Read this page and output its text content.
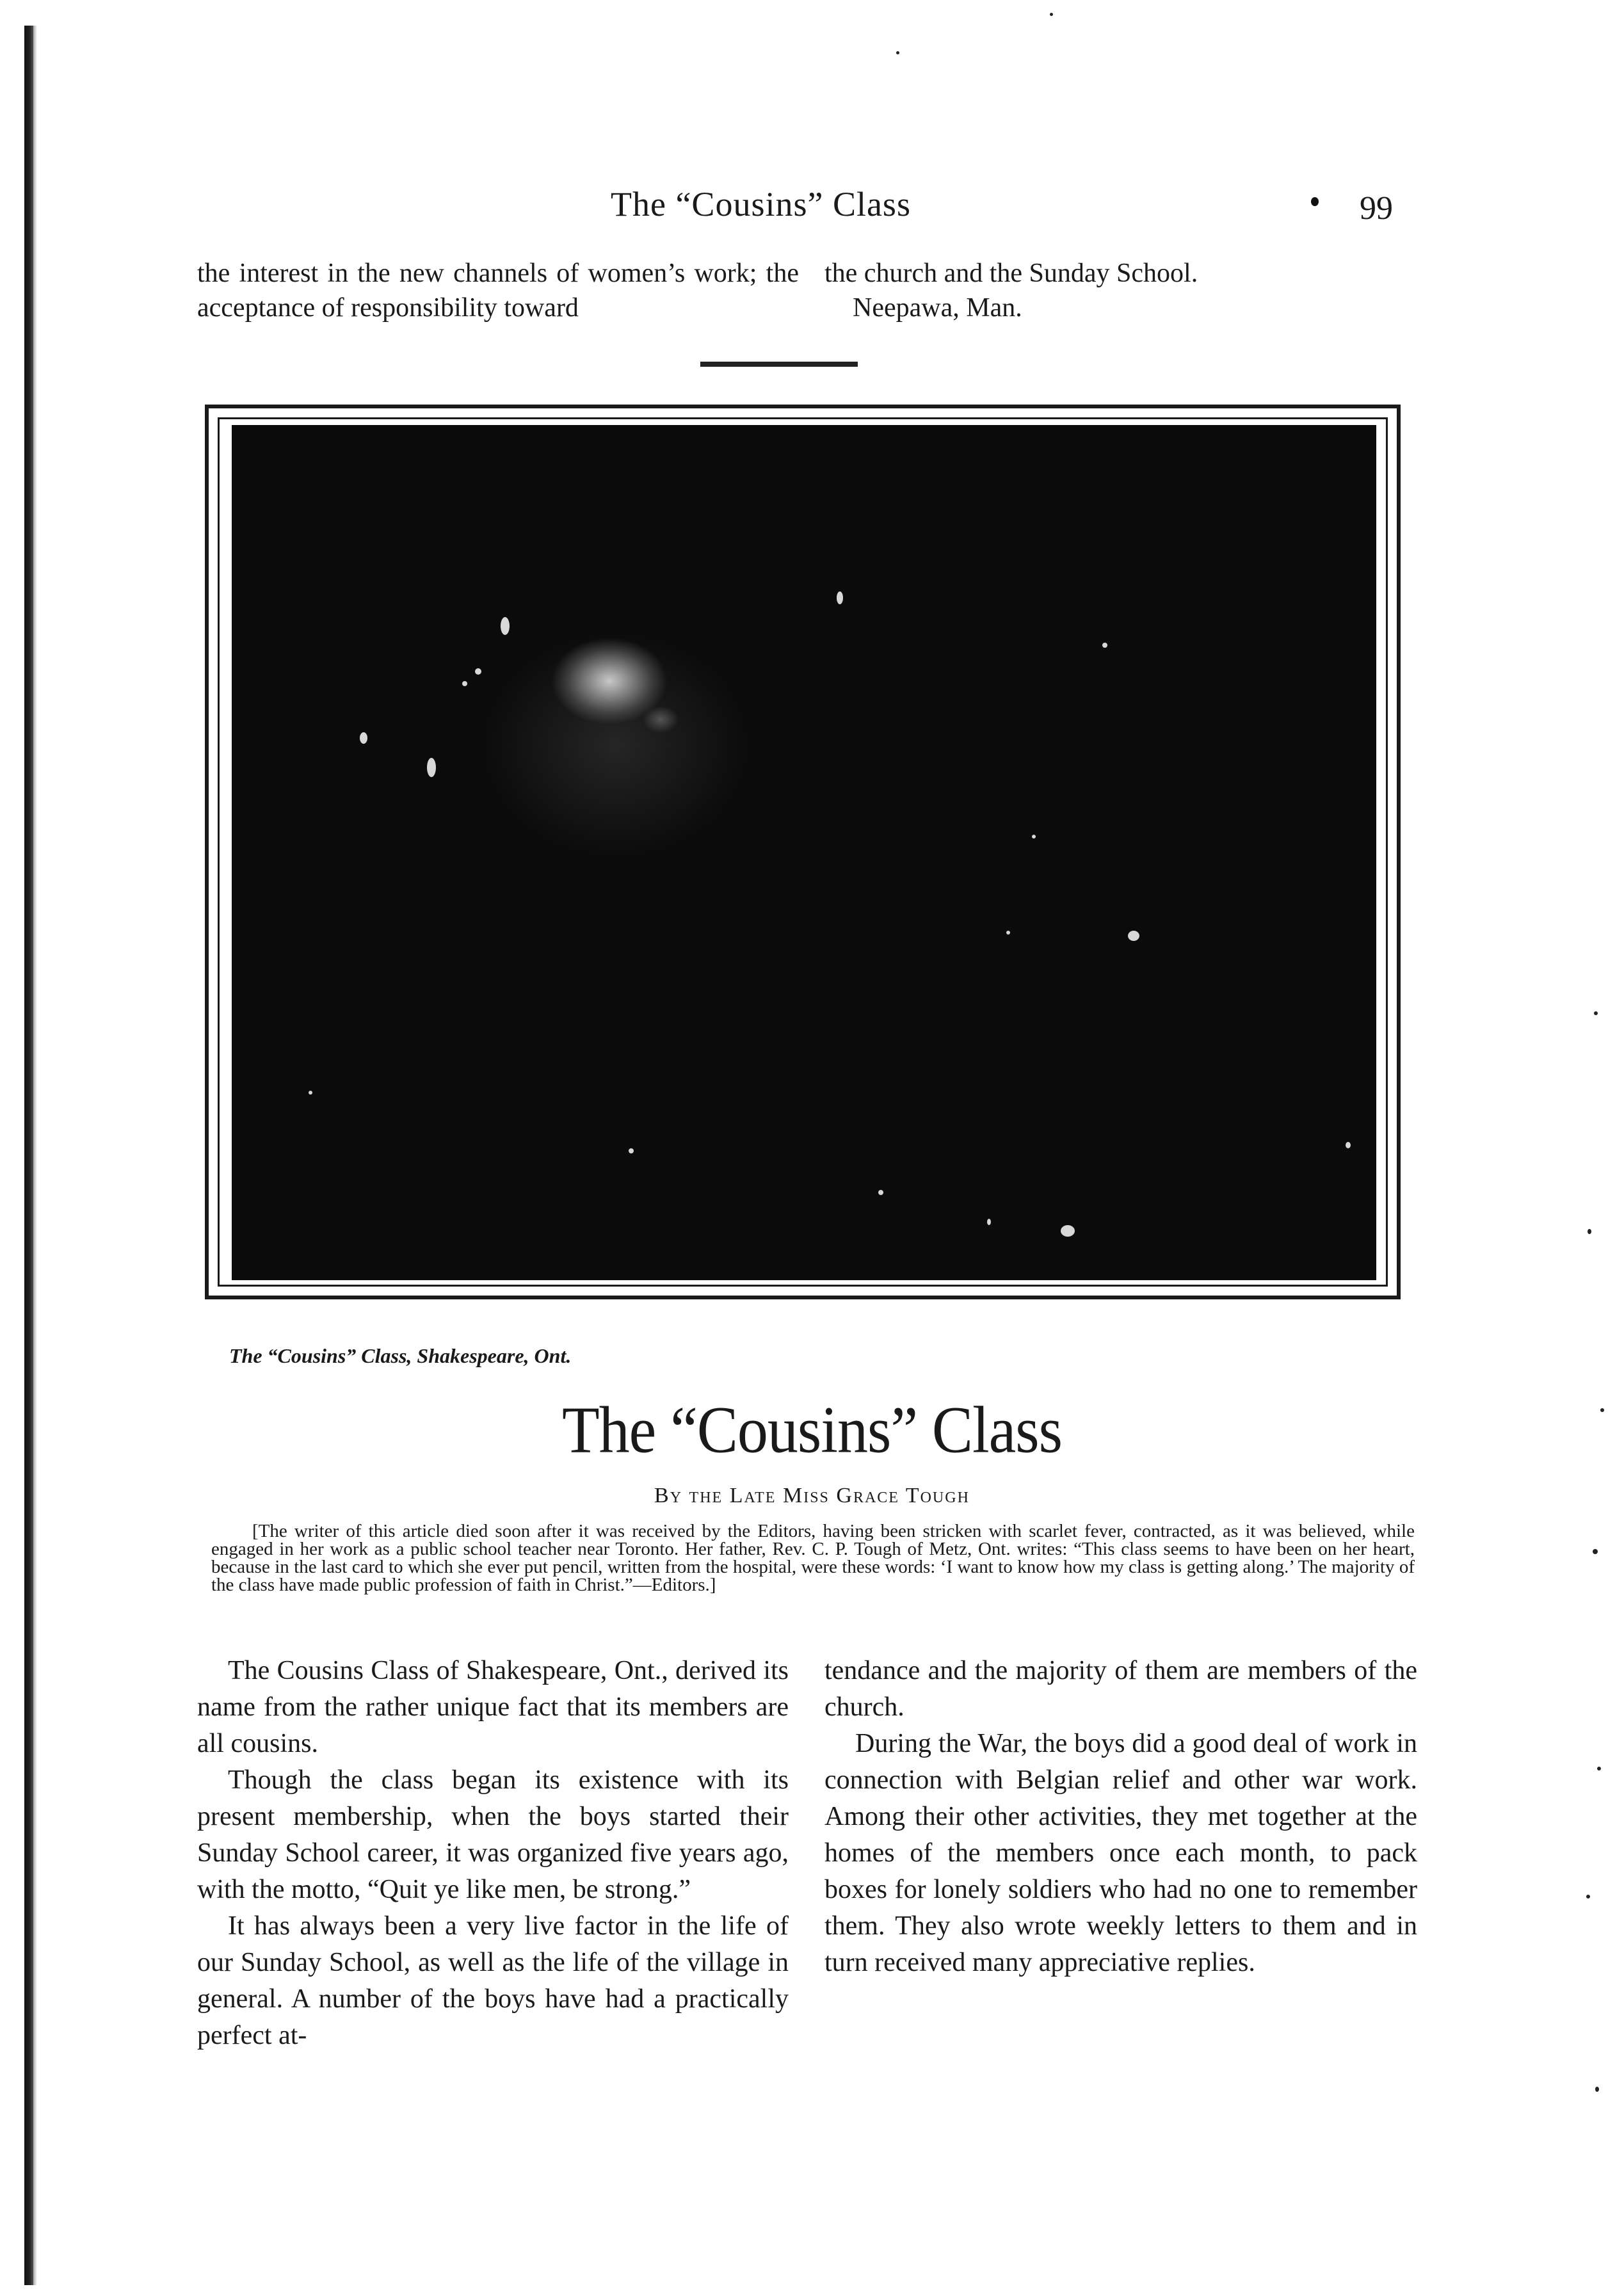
The “Cousins” Class	99
the interest in the new channels of women’s work; the acceptance of responsibility toward
the church and the Sunday School.
Neepawa, Man.
The “Cousins” Class, Shakespeare, Ont.
The “Cousins” Class
By the Late Miss Grace Tough
[The writer of this article died soon after it was received by the Editors, having been stricken with scarlet fever, contracted, as it was believed, while engaged in her work as a public school teacher near Toronto. Her father, Rev. C. P. Tough of Metz, Ont. writes: “This class seems to have been on her heart, because in the last card to which she ever put pencil, written from the hospital, were these words: ‘I want to know how my class is getting along.’ The majority of the class have made public profession of faith in Christ.”—Editors.]

The Cousins Class of Shakespeare, Ont., derived its name from the rather unique fact that its members are all cousins.

Though the class began its existence with its present membership, when the boys started their Sunday School career, it was organized five years ago, with the motto, “Quit ye like men, be strong.”

It has always been a very live factor in the life of our Sunday School, as well as the life of the village in general. A number of the boys have had a practically perfect at-

tendance and the majority of them are members of the church.

During the War, the boys did a good deal of work in connection with Belgian relief and other war work. Among their other activities, they met together at the homes of the members once each month, to pack boxes for lonely soldiers who had no one to remember them. They also wrote weekly letters to them and in turn received many appreciative replies.
